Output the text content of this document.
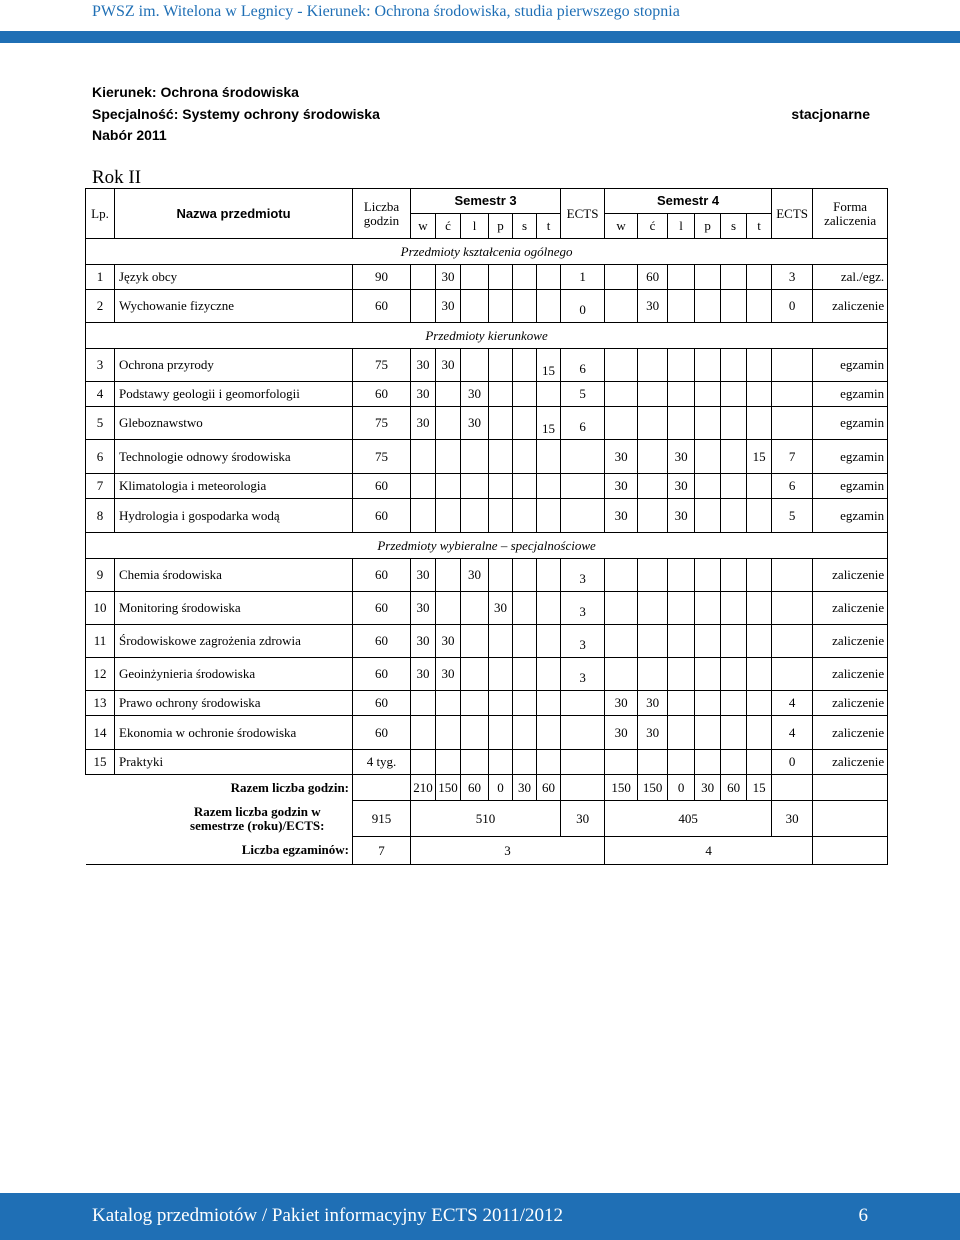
PWSZ im. Witelona w Legnicy - Kierunek: Ochrona środowiska, studia pierwszego stopnia
Kierunek: Ochrona środowiska
Specjalność: Systemy ochrony środowiska
Nabór 2011
stacjonarne
Rok II
Lp.	Nazwa przedmiotu	Liczba godzin	Semestr 3						ECTS	Semestr 4						ECTS	Forma zaliczenia
			w	ć	l	p	s	t		w	ć	l	p	s	t		
Przedmioty kształcenia ogólnego																	
1	Język obcy	90		30					1		60					3	zal./egz.
2	Wychowanie fizyczne	60		30					0		30					0	zaliczenie
Przedmioty kierunkowe																	
3	Ochrona przyrody	75	30	30				15	6								egzamin
4	Podstawy geologii i geomorfologii	60	30		30				5								egzamin
5	Gleboznawstwo	75	30		30			15	6								egzamin
6	Technologie odnowy środowiska	75								30		30			15	7	egzamin
7	Klimatologia i meteorologia	60								30		30				6	egzamin
8	Hydrologia i gospodarka wodą	60								30		30				5	egzamin
Przedmioty wybieralne – specjalnościowe																	
9	Chemia środowiska	60	30		30				3								zaliczenie
10	Monitoring środowiska	60	30			30			3								zaliczenie
11	Środowiskowe zagrożenia zdrowia	60	30	30					3								zaliczenie
12	Geoinżynieria środowiska	60	30	30					3								zaliczenie
13	Prawo ochrony środowiska	60								30	30					4	zaliczenie
14	Ekonomia w ochronie środowiska	60								30	30					4	zaliczenie
15	Praktyki	4 tyg.														0	zaliczenie
Razem liczba godzin:			210	150	60	0	30	60		150	150	0	30	60	15		
Razem liczba godzin w semestrze (roku)/ECTS:		915	510						30	405						30	
Liczba egzaminów:		7	3							4							
Katalog przedmiotów / Pakiet informacyjny ECTS 2011/2012	6
